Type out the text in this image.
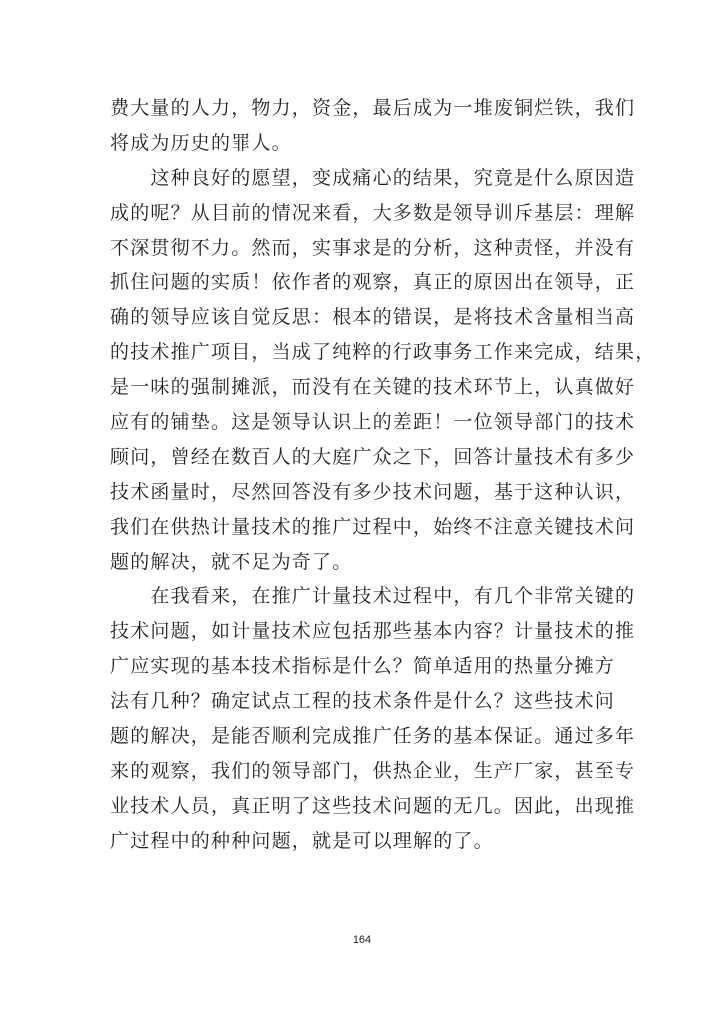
费大量的人力，物力，资金，最后成为一堆废铜烂铁，我们
将成为历史的罪人。
　　这种良好的愿望，变成痛心的结果，究竟是什么原因造
成的呢？从目前的情况来看，大多数是领导训斥基层：理解
不深贯彻不力。然而，实事求是的分析，这种责怪，并没有
抓住问题的实质！依作者的观察，真正的原因出在领导，正
确的领导应该自觉反思：根本的错误，是将技术含量相当高
的技术推广项目，当成了纯粹的行政事务工作来完成，结果，
是一味的强制摊派，而没有在关键的技术环节上，认真做好
应有的铺垫。这是领导认识上的差距！一位领导部门的技术
顾问，曾经在数百人的大庭广众之下，回答计量技术有多少
技术函量时，尽然回答没有多少技术问题，基于这种认识，
我们在供热计量技术的推广过程中，始终不注意关键技术问
题的解决，就不足为奇了。
　　在我看来，在推广计量技术过程中，有几个非常关键的
技术问题，如计量技术应包括那些基本内容？计量技术的推
广应实现的基本技术指标是什么？简单适用的热量分摊方
法有几种？确定试点工程的技术条件是什么？这些技术问
题的解决，是能否顺利完成推广任务的基本保证。通过多年
来的观察，我们的领导部门，供热企业，生产厂家，甚至专
业技术人员，真正明了这些技术问题的无几。因此，出现推
广过程中的种种问题，就是可以理解的了。
164
